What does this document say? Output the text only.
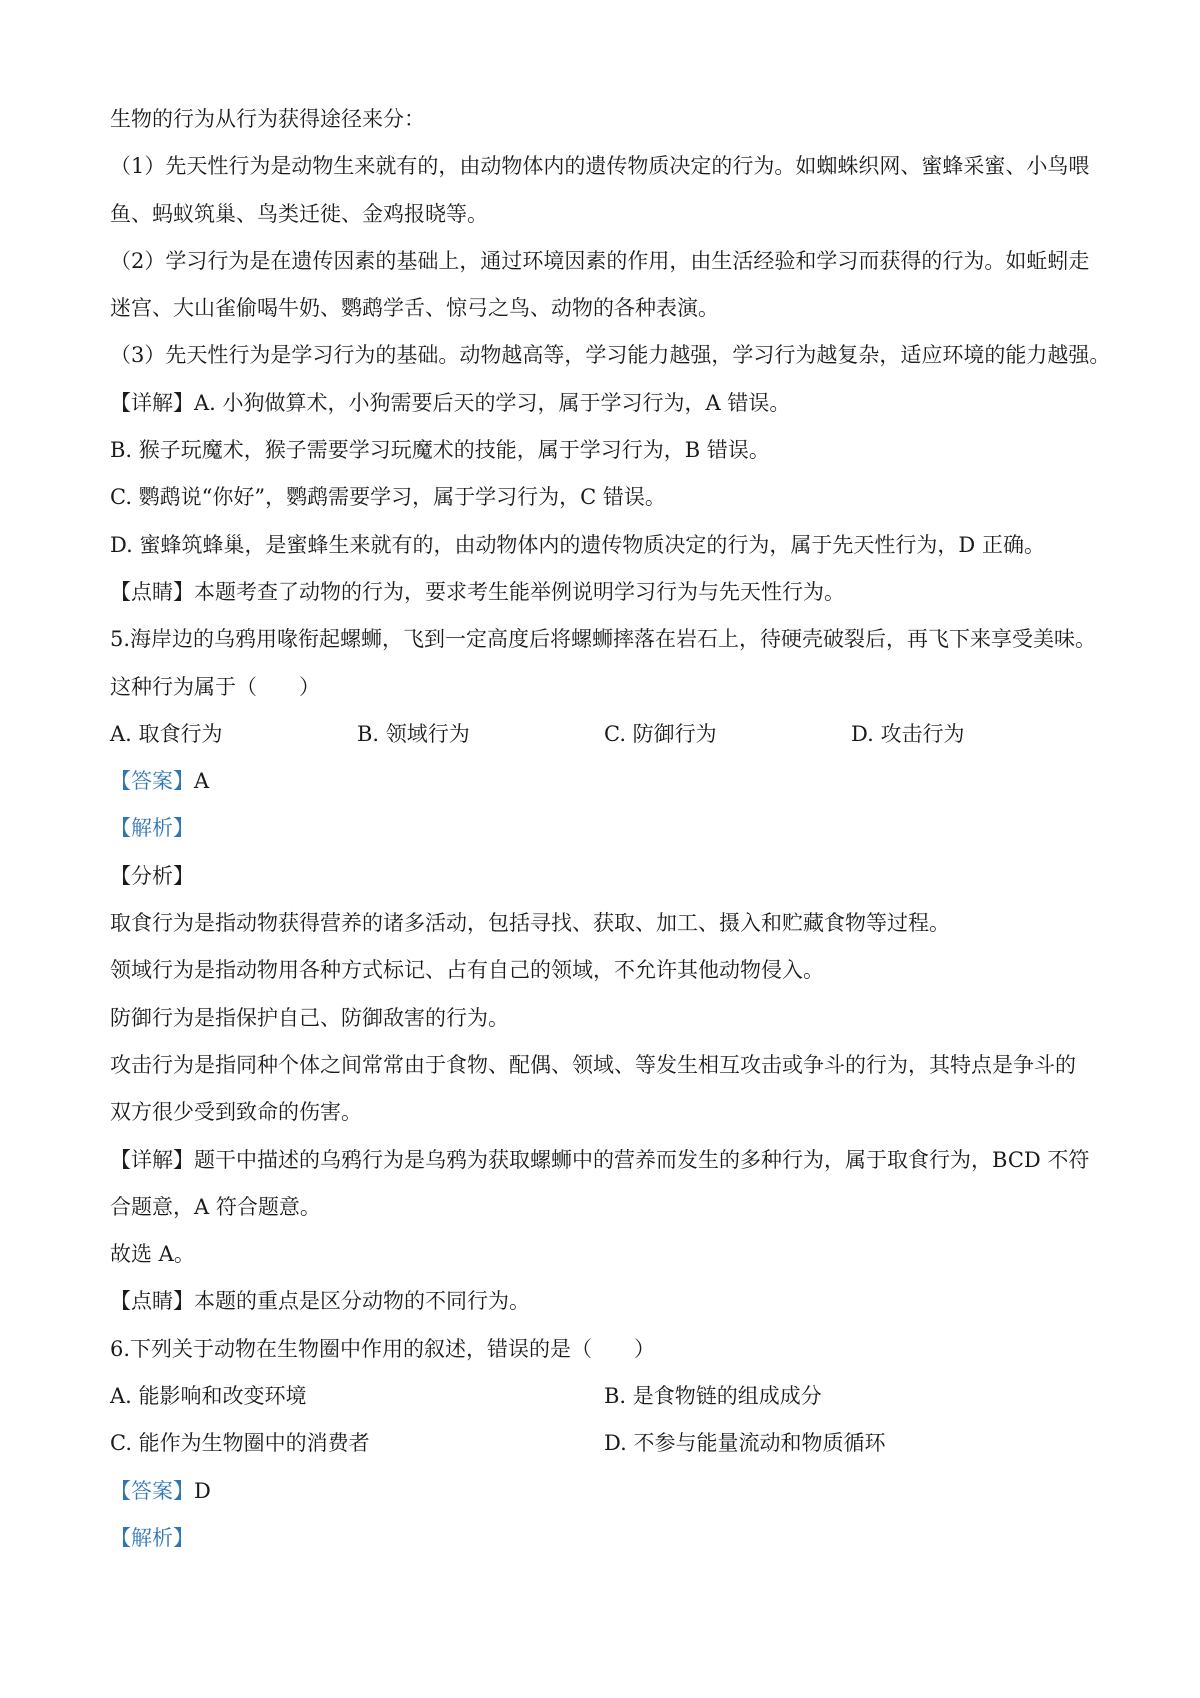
生物的行为从行为获得途径来分：

（1）先天性行为是动物生来就有的，由动物体内的遗传物质决定的行为。如蜘蛛织网、蜜蜂采蜜、小鸟喂

鱼、蚂蚁筑巢、鸟类迁徙、金鸡报晓等。

（2）学习行为是在遗传因素的基础上，通过环境因素的作用，由生活经验和学习而获得的行为。如蚯蚓走

迷宫、大山雀偷喝牛奶、鹦鹉学舌、惊弓之鸟、动物的各种表演。

（3）先天性行为是学习行为的基础。动物越高等，学习能力越强，学习行为越复杂，适应环境的能力越强。

【详解】A. 小狗做算术，小狗需要后天的学习，属于学习行为，A 错误。

B. 猴子玩魔术，猴子需要学习玩魔术的技能，属于学习行为，B 错误。

C. 鹦鹉说“你好”，鹦鹉需要学习，属于学习行为，C 错误。

D. 蜜蜂筑蜂巢，是蜜蜂生来就有的，由动物体内的遗传物质决定的行为，属于先天性行为，D 正确。

【点睛】本题考查了动物的行为，要求考生能举例说明学习行为与先天性行为。

5.海岸边的乌鸦用喙衔起螺蛳，飞到一定高度后将螺蛳摔落在岩石上，待硬壳破裂后，再飞下来享受美味。

这种行为属于（　　）

A. 取食行为	B. 领域行为	C. 防御行为	D. 攻击行为

【答案】A

【解析】

【分析】

取食行为是指动物获得营养的诸多活动，包括寻找、获取、加工、摄入和贮藏食物等过程。

领域行为是指动物用各种方式标记、占有自己的领域，不允许其他动物侵入。

防御行为是指保护自己、防御敌害的行为。

攻击行为是指同种个体之间常常由于食物、配偶、领域、等发生相互攻击或争斗的行为，其特点是争斗的

双方很少受到致命的伤害。

【详解】题干中描述的乌鸦行为是乌鸦为获取螺蛳中的营养而发生的多种行为，属于取食行为，BCD 不符

合题意，A 符合题意。

故选 A。

【点睛】本题的重点是区分动物的不同行为。

6.下列关于动物在生物圈中作用的叙述，错误的是（　　）

A. 能影响和改变环境	B. 是食物链的组成成分
C. 能作为生物圈中的消费者	D. 不参与能量流动和物质循环

【答案】D

【解析】
